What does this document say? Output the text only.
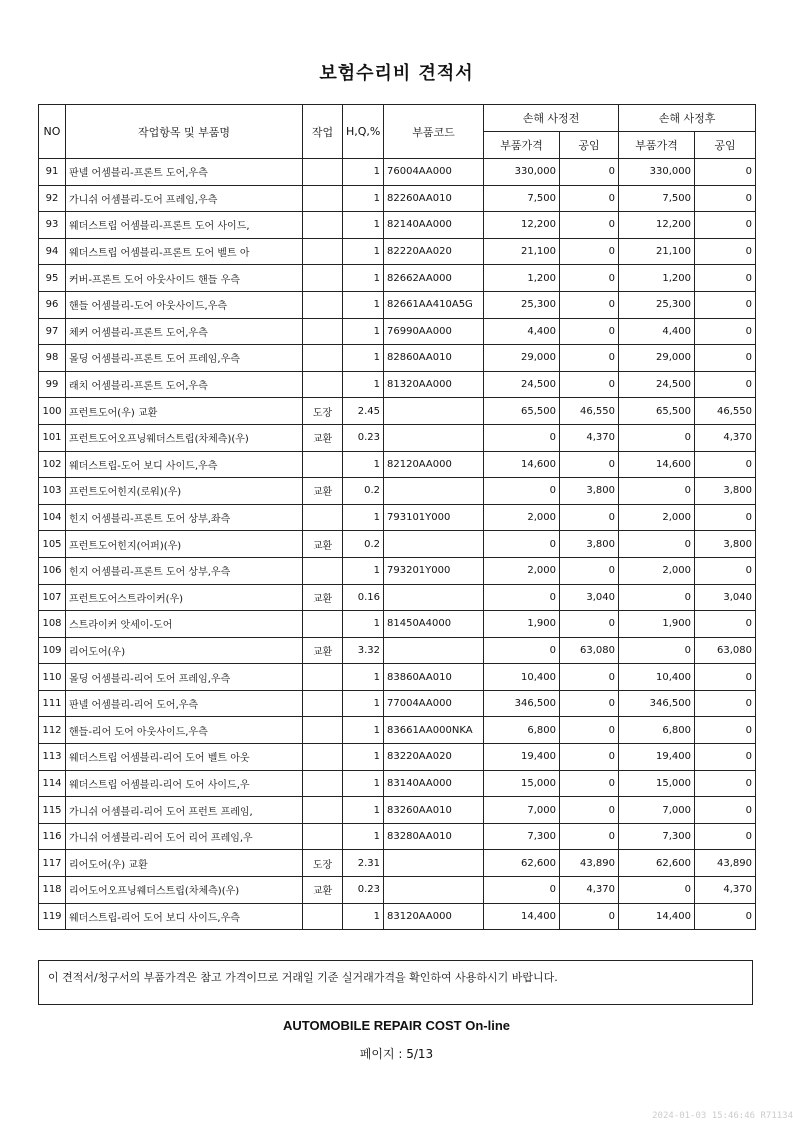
보험수리비 견적서
NO	작업항목 및 부품명	작업	H,Q,%	부품코드	손해 사정전		손해 사정후	
					부품가격	공임	부품가격	공임
91	판넬 어셈블리-프론트 도어,우측		1	76004AA000	330,000	0	330,000	0
92	가니쉬 어셈블리-도어 프레임,우측		1	82260AA010	7,500	0	7,500	0
93	웨더스트립 어셈블리-프론트 도어 사이드,		1	82140AA000	12,200	0	12,200	0
94	웨더스트립 어셈블리-프론트 도어 벨트 아		1	82220AA020	21,100	0	21,100	0
95	커버-프론트 도어 아웃사이드 핸들 우측		1	82662AA000	1,200	0	1,200	0
96	핸들 어셈블리-도어 아웃사이드,우측		1	82661AA410A5G	25,300	0	25,300	0
97	체커 어셈블리-프론트 도어,우측		1	76990AA000	4,400	0	4,400	0
98	몰딩 어셈블리-프론트 도어 프레임,우측		1	82860AA010	29,000	0	29,000	0
99	래치 어셈블리-프론트 도어,우측		1	81320AA000	24,500	0	24,500	0
100	프런트도어(우) 교환	도장	2.45		65,500	46,550	65,500	46,550
101	프런트도어오프닝웨더스트립(차체측)(우)	교환	0.23		0	4,370	0	4,370
102	웨더스트립-도어 보디 사이드,우측		1	82120AA000	14,600	0	14,600	0
103	프런트도어힌지(로워)(우)	교환	0.2		0	3,800	0	3,800
104	힌지 어셈블리-프론트 도어 상부,좌측		1	793101Y000	2,000	0	2,000	0
105	프런트도어힌지(어퍼)(우)	교환	0.2		0	3,800	0	3,800
106	힌지 어셈블리-프론트 도어 상부,우측		1	793201Y000	2,000	0	2,000	0
107	프런트도어스트라이커(우)	교환	0.16		0	3,040	0	3,040
108	스트라이커 앗세이-도어		1	81450A4000	1,900	0	1,900	0
109	리어도어(우)	교환	3.32		0	63,080	0	63,080
110	몰딩 어셈블리-리어 도어 프레임,우측		1	83860AA010	10,400	0	10,400	0
111	판넬 어셈블리-리어 도어,우측		1	77004AA000	346,500	0	346,500	0
112	핸들-리어 도어 아웃사이드,우측		1	83661AA000NKA	6,800	0	6,800	0
113	웨더스트립 어셈블리-리어 도어 벨트 아웃		1	83220AA020	19,400	0	19,400	0
114	웨더스트립 어셈블리-리어 도어 사이드,우		1	83140AA000	15,000	0	15,000	0
115	가니쉬 어셈블리-리어 도어 프런트 프레임,		1	83260AA010	7,000	0	7,000	0
116	가니쉬 어셈블리-리어 도어 리어 프레임,우		1	83280AA010	7,300	0	7,300	0
117	리어도어(우) 교환	도장	2.31		62,600	43,890	62,600	43,890
118	리어도어오프닝웨더스트립(차체측)(우)	교환	0.23		0	4,370	0	4,370
119	웨더스트립-리어 도어 보디 사이드,우측		1	83120AA000	14,400	0	14,400	0
이 견적서/청구서의 부품가격은 참고 가격이므로 거래일 기준 실거래가격을 확인하여 사용하시기 바랍니다.
AUTOMOBILE REPAIR COST On-line
페이지 : 5/13
2024-01-03 15:46:46 R71134
